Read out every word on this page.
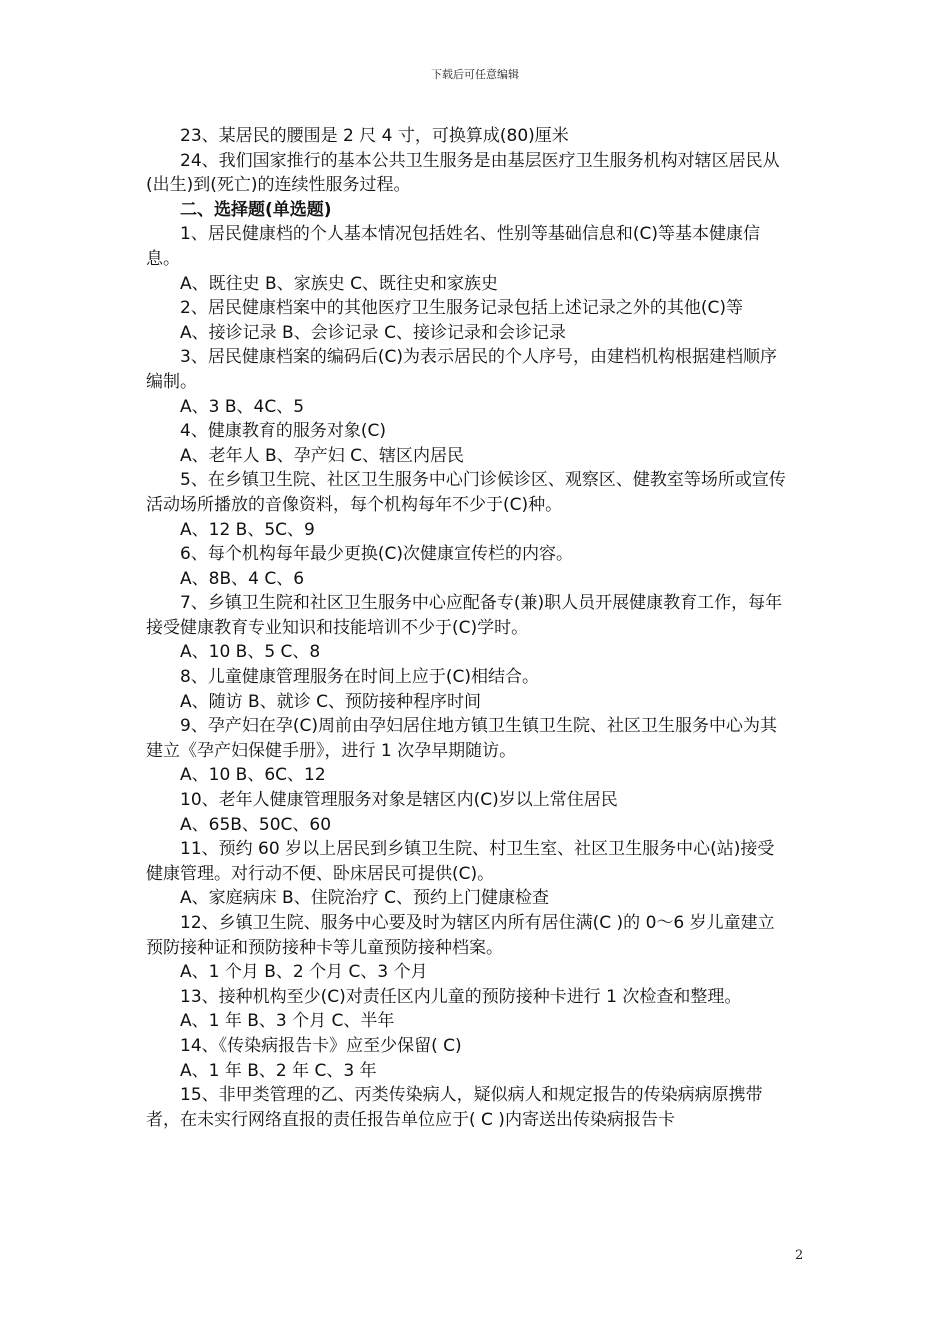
下载后可任意编辑

23、某居民的腰围是 2 尺 4 寸，可换算成(80)厘米

24、我们国家推行的基本公共卫生服务是由基层医疗卫生服务机构对辖区居民从(出生)到(死亡)的连续性服务过程。

二、选择题(单选题)

1、居民健康档的个人基本情况包括姓名、性别等基础信息和(C)等基本健康信息。

A、既往史 B、家族史 C、既往史和家族史

2、居民健康档案中的其他医疗卫生服务记录包括上述记录之外的其他(C)等

A、接诊记录 B、会诊记录 C、接诊记录和会诊记录

3、居民健康档案的编码后(C)为表示居民的个人序号，由建档机构根据建档顺序编制。

A、3 B、4C、5

4、健康教育的服务对象(C)

A、老年人 B、孕产妇 C、辖区内居民

5、在乡镇卫生院、社区卫生服务中心门诊候诊区、观察区、健教室等场所或宣传活动场所播放的音像资料，每个机构每年不少于(C)种。

A、12 B、5C、9

6、每个机构每年最少更换(C)次健康宣传栏的内容。

A、8B、4 C、6

7、乡镇卫生院和社区卫生服务中心应配备专(兼)职人员开展健康教育工作，每年接受健康教育专业知识和技能培训不少于(C)学时。

A、10 B、5 C、8

8、儿童健康管理服务在时间上应于(C)相结合。

A、随访 B、就诊 C、预防接种程序时间

9、孕产妇在孕(C)周前由孕妇居住地方镇卫生镇卫生院、社区卫生服务中心为其建立《孕产妇保健手册》，进行 1 次孕早期随访。

A、10 B、6C、12

10、老年人健康管理服务对象是辖区内(C)岁以上常住居民

A、65B、50C、60

11、预约 60 岁以上居民到乡镇卫生院、村卫生室、社区卫生服务中心(站)接受健康管理。对行动不便、卧床居民可提供(C)。

A、家庭病床 B、住院治疗 C、预约上门健康检查

12、乡镇卫生院、服务中心要及时为辖区内所有居住满(C )的 0～6 岁儿童建立预防接种证和预防接种卡等儿童预防接种档案。

A、1 个月 B、2 个月 C、3 个月

13、接种机构至少(C)对责任区内儿童的预防接种卡进行 1 次检查和整理。

A、1 年 B、3 个月 C、半年

14、《传染病报告卡》应至少保留( C)

A、1 年 B、2 年 C、3 年

15、非甲类管理的乙、丙类传染病人，疑似病人和规定报告的传染病病原携带者，在未实行网络直报的责任报告单位应于( C )内寄送出传染病报告卡

2
